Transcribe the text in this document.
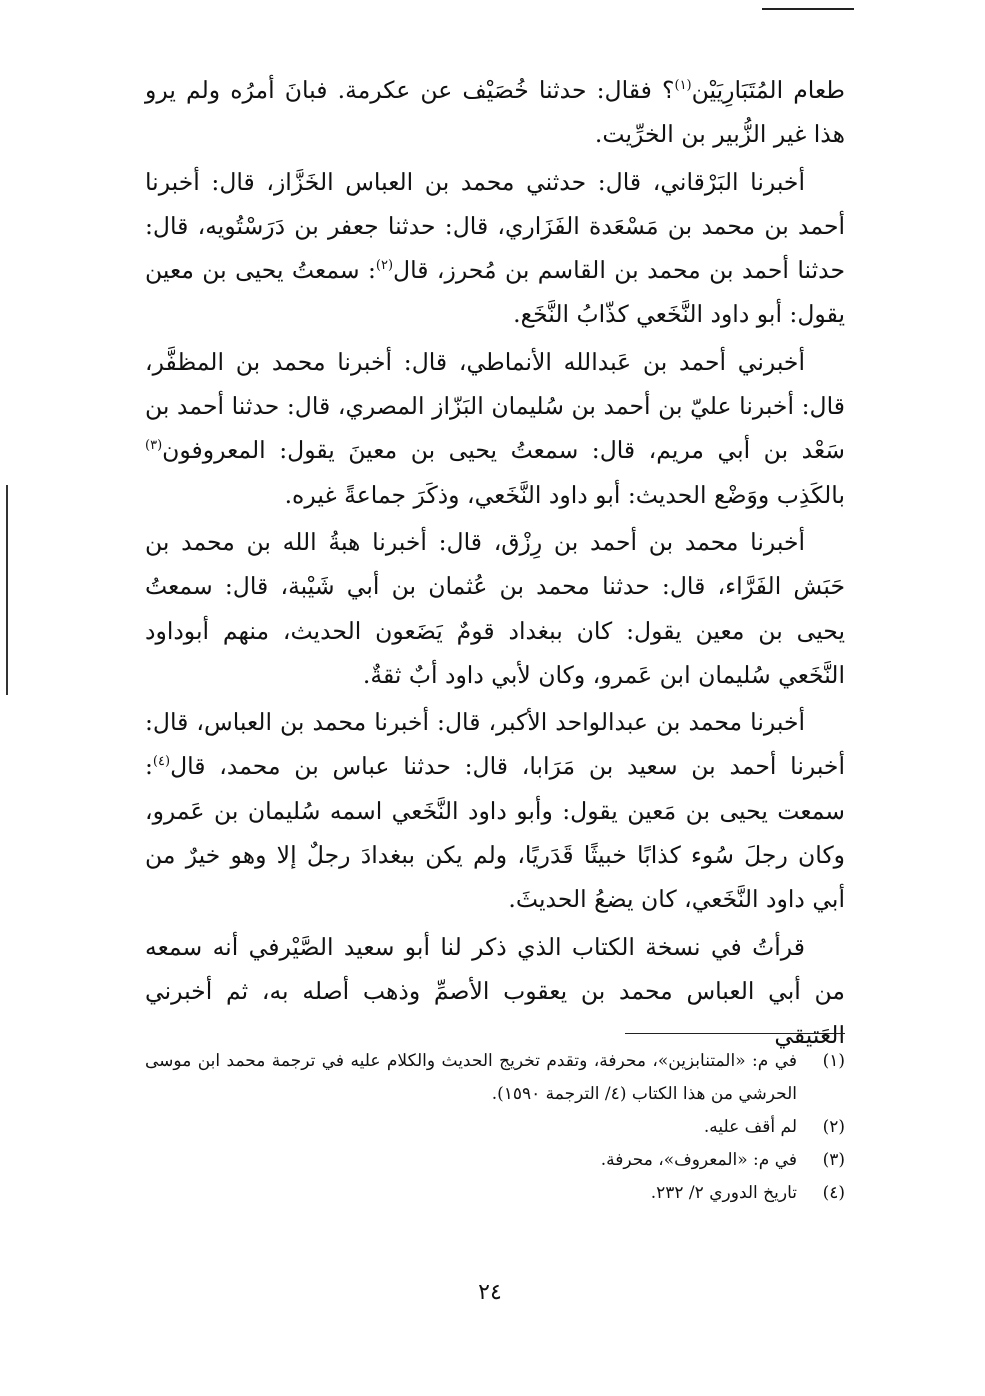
طعام المُتَبَارِيَيْن$^{(١)}$؟ فقال: حدثنا خُصَيْف عن عكرمة. فبانَ أمرُه ولم يرو هذا غير الزُّبير بن الخرِّيت.

أخبرنا البَرْقاني، قال: حدثني محمد بن العباس الخَزَّاز، قال: أخبرنا أحمد بن محمد بن مَسْعَدة الفَزَاري، قال: حدثنا جعفر بن دَرَسْتُويه، قال: حدثنا أحمد بن محمد بن القاسم بن مُحرز، قال$^{(٢)}$: سمعتُ يحيى بن معين يقول: أبو داود النَّخَعي كذّابُ النَّخَع.

أخبرني أحمد بن عَبدالله الأنماطي، قال: أخبرنا محمد بن المظفَّر، قال: أخبرنا عليّ بن أحمد بن سُليمان البَزّاز المصري، قال: حدثنا أحمد بن سَعْد بن أبي مريم، قال: سمعتُ يحيى بن معينَ يقول: المعروفون$^{(٣)}$ بالكَذِب ووَضْع الحديث: أبو داود النَّخَعي، وذكَرَ جماعةً غيره.

أخبرنا محمد بن أحمد بن رِزْق، قال: أخبرنا هبةُ الله بن محمد بن حَبَش الفَرَّاء، قال: حدثنا محمد بن عُثمان بن أبي شَيْبة، قال: سمعتُ يحيى بن معين يقول: كان ببغداد قومٌ يَضَعون الحديث، منهم أبوداود النَّخَعي سُليمان ابن عَمرو، وكان لأبي داود أبٌ ثقةٌ.

أخبرنا محمد بن عبدالواحد الأكبر، قال: أخبرنا محمد بن العباس، قال: أخبرنا أحمد بن سعيد بن مَرَابا، قال: حدثنا عباس بن محمد، قال$^{(٤)}$: سمعت يحيى بن مَعين يقول: وأبو داود النَّخَعي اسمه سُليمان بن عَمرو، وكان رجلَ سُوء كذابًا خبيثًا قَدَريًا، ولم يكن ببغدادَ رجلٌ إلا وهو خيرٌ من أبي داود النَّخَعي، كان يضعُ الحديثَ.

قرأتُ في نسخة الكتاب الذي ذكر لنا أبو سعيد الصَّيْرفي أنه سمعه من أبي العباس محمد بن يعقوب الأصمِّ وذهب أصله به، ثم أخبرني العَتيقي

(١)
في م: «المتنابزين»، محرفة، وتقدم تخريج الحديث والكلام عليه في ترجمة محمد ابن موسى الحرشي من هذا الكتاب (٤/ الترجمة ١٥٩٠).
(٢)
لم أقف عليه.
(٣)
في م: «المعروف»، محرفة.
(٤)
تاريخ الدوري ٢/ ٢٣٢.
٢٤
